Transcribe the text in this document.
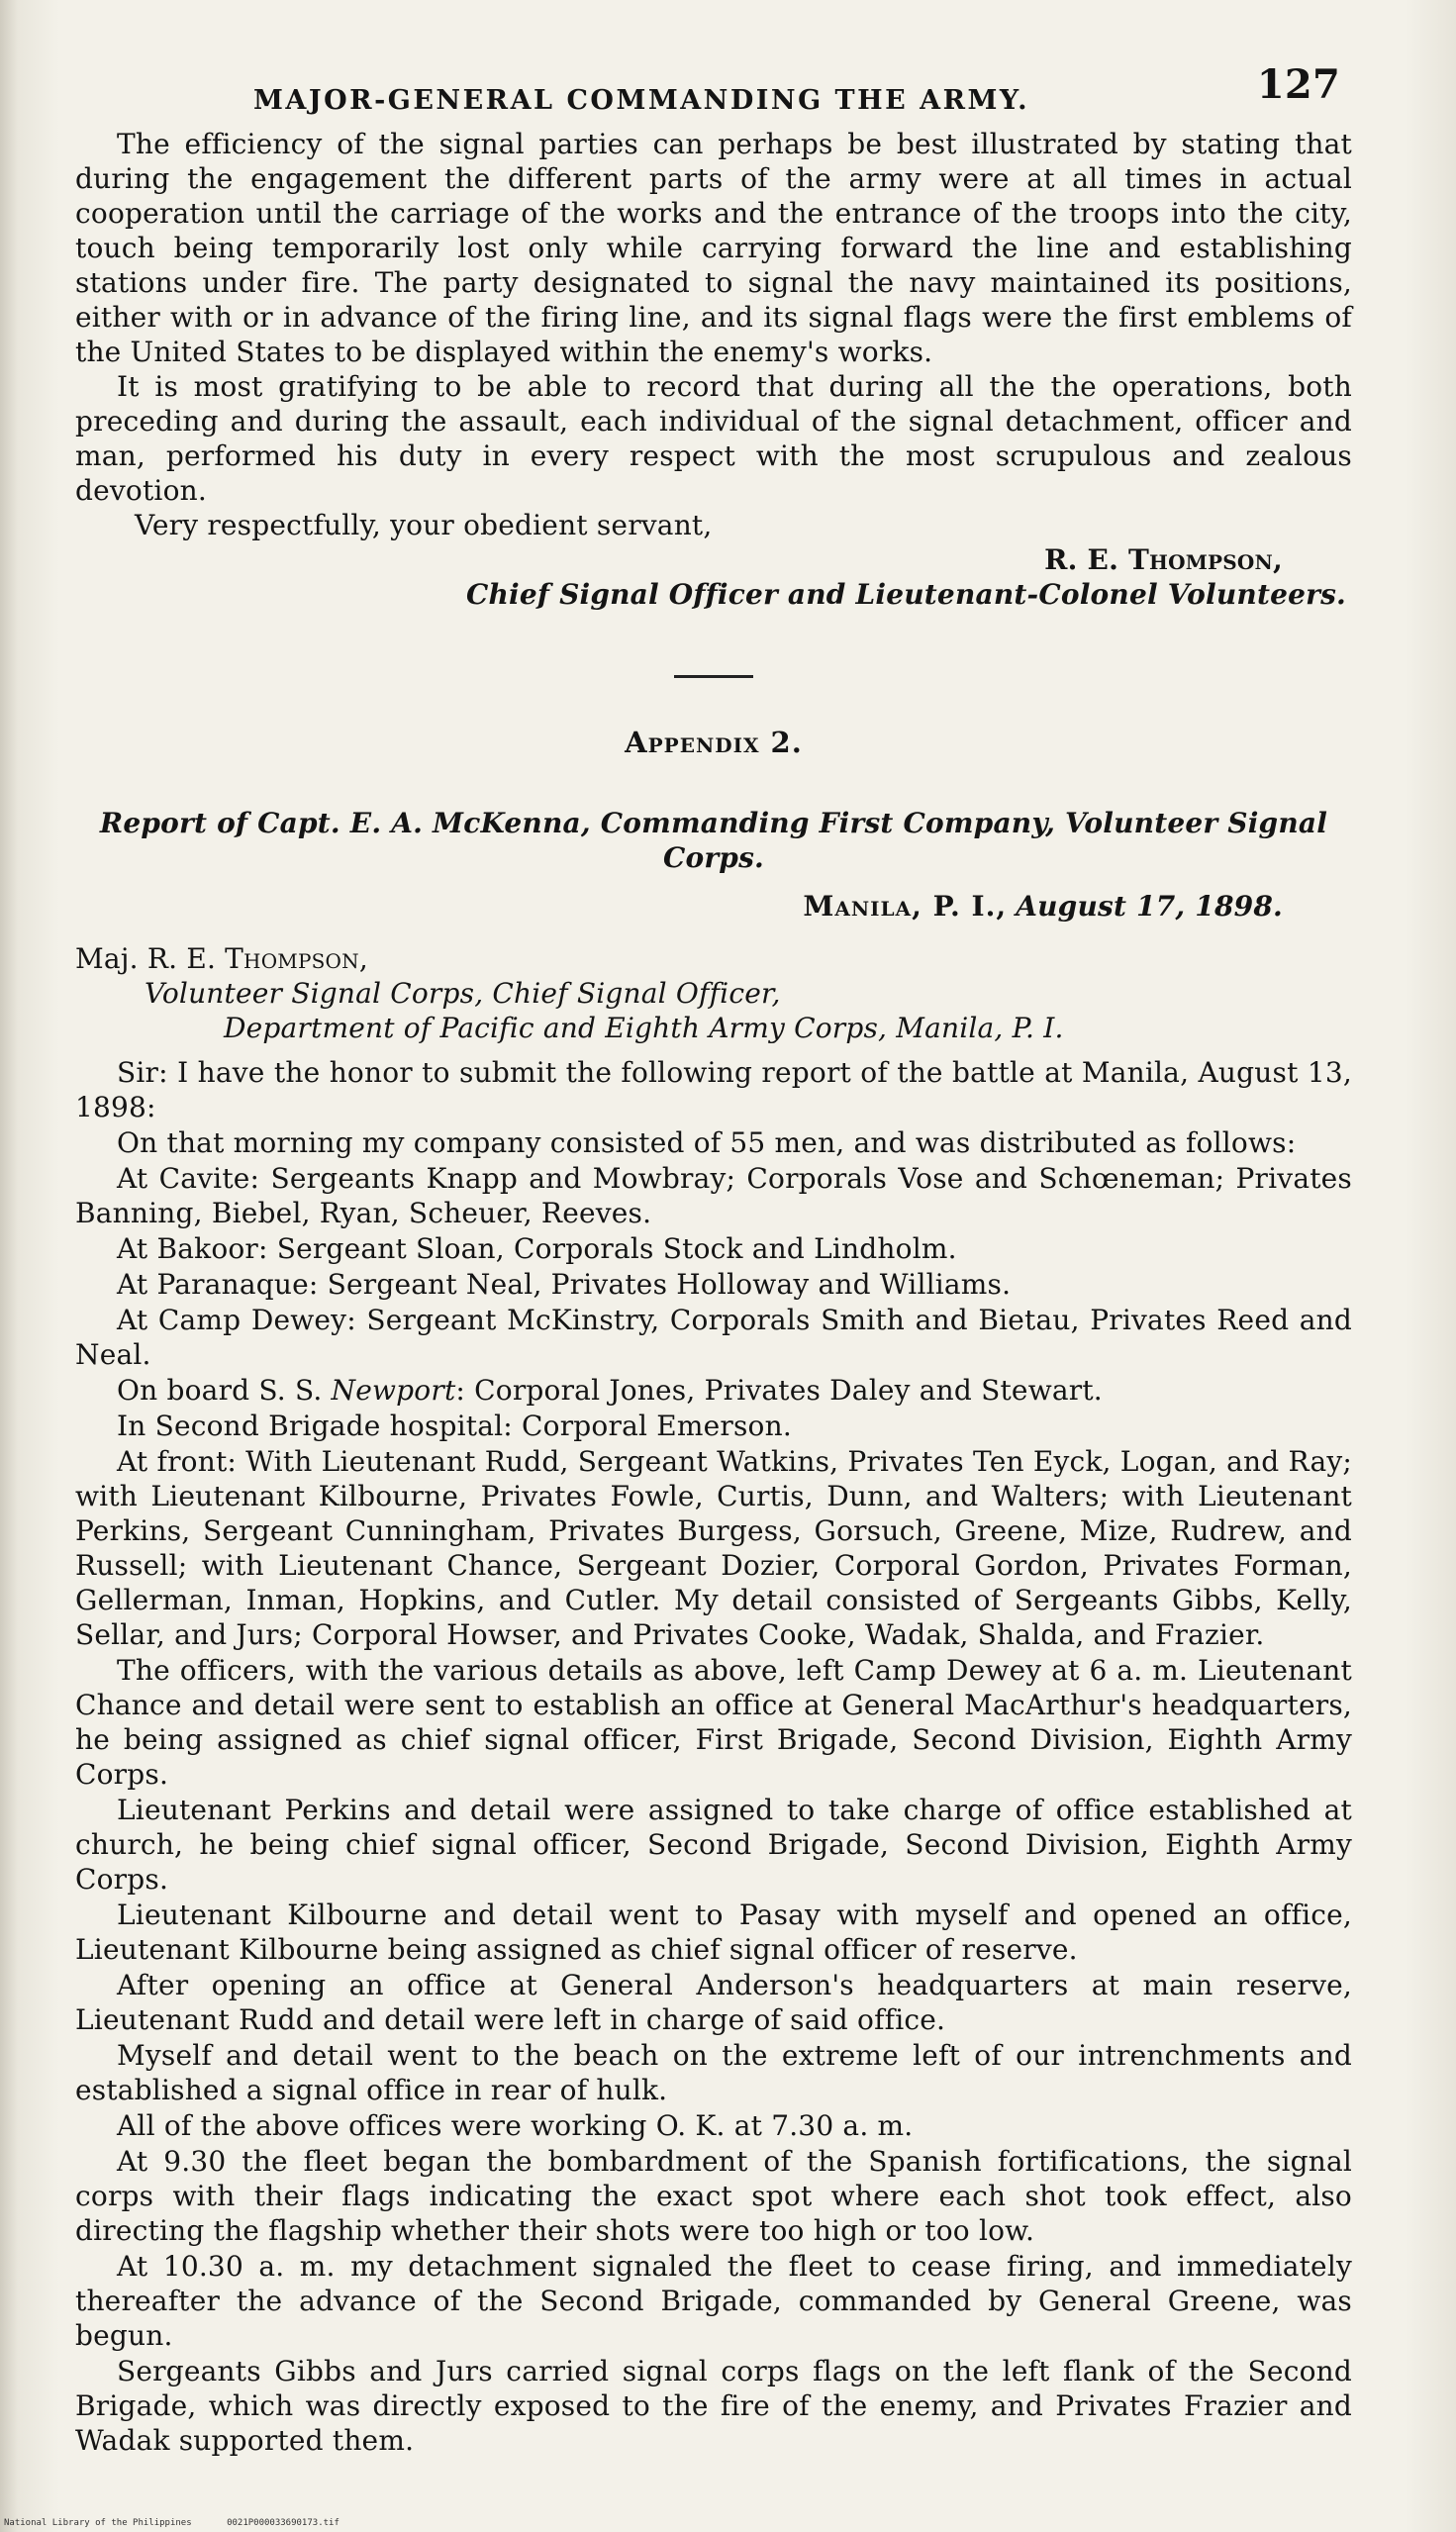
MAJOR-GENERAL COMMANDING THE ARMY.	127

The efficiency of the signal parties can perhaps be best illustrated by stating that during the engagement the different parts of the army were at all times in actual cooperation until the carriage of the works and the entrance of the troops into the city, touch being temporarily lost only while carrying forward the line and establishing stations under fire. The party designated to signal the navy maintained its positions, either with or in advance of the firing line, and its signal flags were the first emblems of the United States to be displayed within the enemy's works.

It is most gratifying to be able to record that during all the the operations, both preceding and during the assault, each individual of the signal detachment, officer and man, performed his duty in every respect with the most scrupulous and zealous devotion.

Very respectfully, your obedient servant,

R. E. Thompson,
Chief Signal Officer and Lieutenant-Colonel Volunteers.
Appendix 2.
Report of Capt. E. A. McKenna, Commanding First Company, Volunteer Signal Corps.
Manila, P. I., August 17, 1898.
Maj. R. E. Thompson,
Volunteer Signal Corps, Chief Signal Officer,
Department of Pacific and Eighth Army Corps, Manila, P. I.

Sir: I have the honor to submit the following report of the battle at Manila, August 13, 1898:

On that morning my company consisted of 55 men, and was distributed as follows:

At Cavite: Sergeants Knapp and Mowbray; Corporals Vose and Schœneman; Privates Banning, Biebel, Ryan, Scheuer, Reeves.

At Bakoor: Sergeant Sloan, Corporals Stock and Lindholm.

At Paranaque: Sergeant Neal, Privates Holloway and Williams.

At Camp Dewey: Sergeant McKinstry, Corporals Smith and Bietau, Privates Reed and Neal.

On board S. S. Newport: Corporal Jones, Privates Daley and Stewart.

In Second Brigade hospital: Corporal Emerson.

At front: With Lieutenant Rudd, Sergeant Watkins, Privates Ten Eyck, Logan, and Ray; with Lieutenant Kilbourne, Privates Fowle, Curtis, Dunn, and Walters; with Lieutenant Perkins, Sergeant Cunningham, Privates Burgess, Gorsuch, Greene, Mize, Rudrew, and Russell; with Lieutenant Chance, Sergeant Dozier, Corporal Gordon, Privates Forman, Gellerman, Inman, Hopkins, and Cutler. My detail consisted of Sergeants Gibbs, Kelly, Sellar, and Jurs; Corporal Howser, and Privates Cooke, Wadak, Shalda, and Frazier.

The officers, with the various details as above, left Camp Dewey at 6 a. m. Lieutenant Chance and detail were sent to establish an office at General MacArthur's headquarters, he being assigned as chief signal officer, First Brigade, Second Division, Eighth Army Corps.

Lieutenant Perkins and detail were assigned to take charge of office established at church, he being chief signal officer, Second Brigade, Second Division, Eighth Army Corps.

Lieutenant Kilbourne and detail went to Pasay with myself and opened an office, Lieutenant Kilbourne being assigned as chief signal officer of reserve.

After opening an office at General Anderson's headquarters at main reserve, Lieutenant Rudd and detail were left in charge of said office.

Myself and detail went to the beach on the extreme left of our intrenchments and established a signal office in rear of hulk.

All of the above offices were working O. K. at 7.30 a. m.

At 9.30 the fleet began the bombardment of the Spanish fortifications, the signal corps with their flags indicating the exact spot where each shot took effect, also directing the flagship whether their shots were too high or too low.

At 10.30 a. m. my detachment signaled the fleet to cease firing, and immediately thereafter the advance of the Second Brigade, commanded by General Greene, was begun.

Sergeants Gibbs and Jurs carried signal corps flags on the left flank of the Second Brigade, which was directly exposed to the fire of the enemy, and Privates Frazier and Wadak supported them.

National Library of the Philippines	0021P000033690173.tif
